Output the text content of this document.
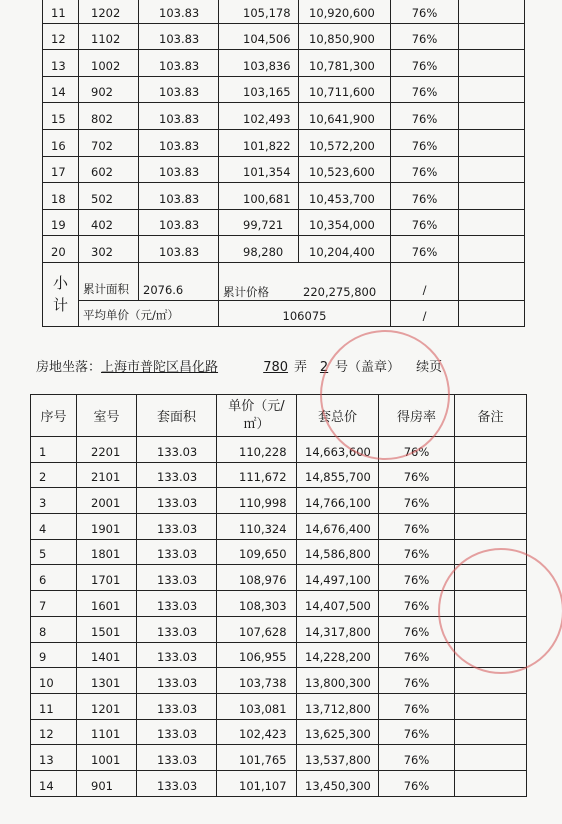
11	1202	103.83	105,178	10,920,600	76%	
12	1102	103.83	104,506	10,850,900	76%	
13	1002	103.83	103,836	10,781,300	76%	
14	902	103.83	103,165	10,711,600	76%	
15	802	103.83	102,493	10,641,900	76%	
16	702	103.83	101,822	10,572,200	76%	
17	602	103.83	101,354	10,523,600	76%	
18	502	103.83	100,681	10,453,700	76%	
19	402	103.83	99,721	10,354,000	76%	
20	302	103.83	98,280	10,204,400	76%	
小
计	累计面积	2076.6	累计价格 220,275,800		/	
	平均单价（元/㎡）		106075		/	
房地坐落：上海市普陀区昌化路	780 弄 2 号（盖章） 续页
序号	室号	套面积	单价（元/㎡）	套总价	得房率	备注
1	2201	133.03	110,228	14,663,600	76%	
2	2101	133.03	111,672	14,855,700	76%	
3	2001	133.03	110,998	14,766,100	76%	
4	1901	133.03	110,324	14,676,400	76%	
5	1801	133.03	109,650	14,586,800	76%	
6	1701	133.03	108,976	14,497,100	76%	
7	1601	133.03	108,303	14,407,500	76%	
8	1501	133.03	107,628	14,317,800	76%	
9	1401	133.03	106,955	14,228,200	76%	
10	1301	133.03	103,738	13,800,300	76%	
11	1201	133.03	103,081	13,712,800	76%	
12	1101	133.03	102,423	13,625,300	76%	
13	1001	133.03	101,765	13,537,800	76%	
14	901	133.03	101,107	13,450,300	76%	
